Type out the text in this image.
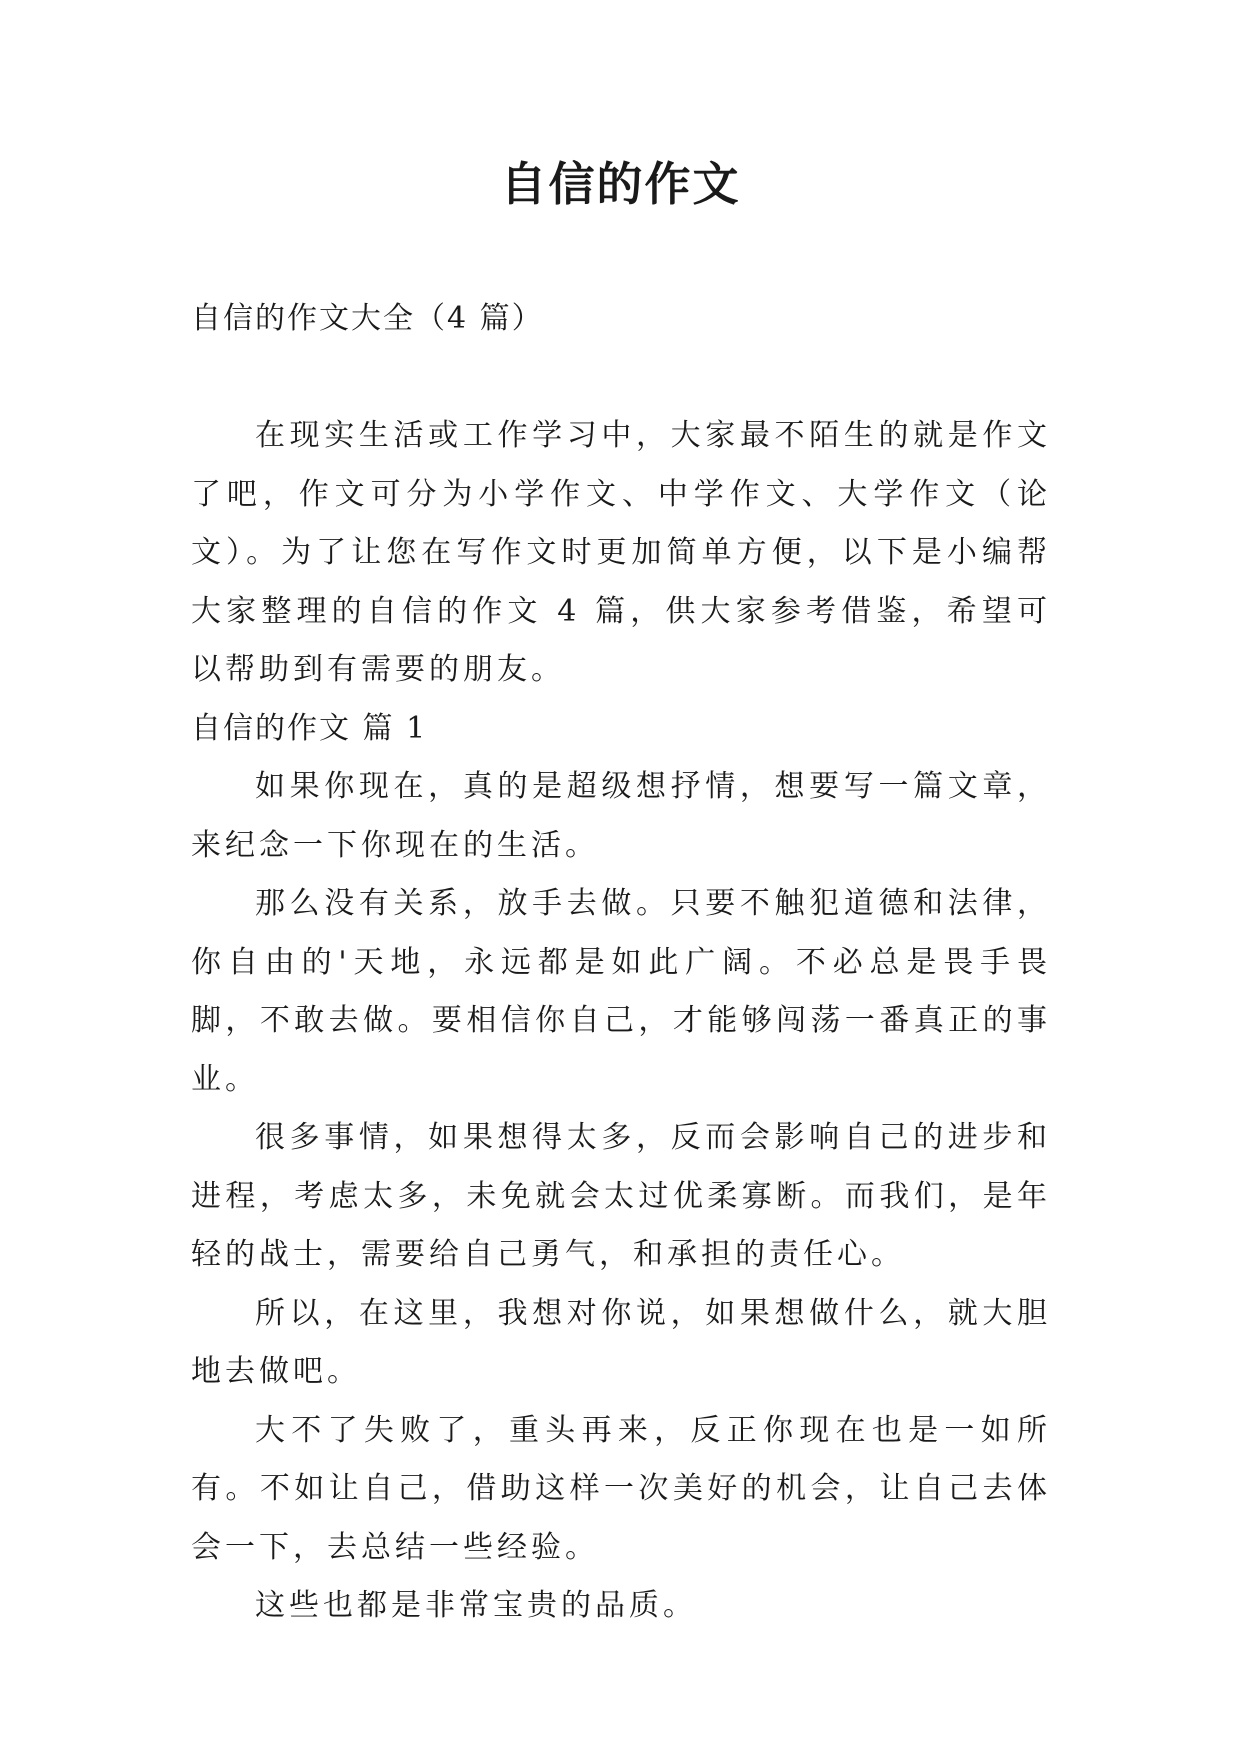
自信的作文

自信的作文大全（4 篇）

在现实生活或工作学习中，大家最不陌生的就是作文了吧，作文可分为小学作文、中学作文、大学作文（论文）。为了让您在写作文时更加简单方便，以下是小编帮大家整理的自信的作文 4 篇，供大家参考借鉴，希望可以帮助到有需要的朋友。

自信的作文 篇 1

如果你现在，真的是超级想抒情，想要写一篇文章，来纪念一下你现在的生活。

那么没有关系，放手去做。只要不触犯道德和法律，你自由的'天地，永远都是如此广阔。不必总是畏手畏脚，不敢去做。要相信你自己，才能够闯荡一番真正的事业。

很多事情，如果想得太多，反而会影响自己的进步和进程，考虑太多，未免就会太过优柔寡断。而我们，是年轻的战士，需要给自己勇气，和承担的责任心。

所以，在这里，我想对你说，如果想做什么，就大胆地去做吧。

大不了失败了，重头再来，反正你现在也是一如所有。不如让自己，借助这样一次美好的机会，让自己去体会一下，去总结一些经验。

这些也都是非常宝贵的品质。
